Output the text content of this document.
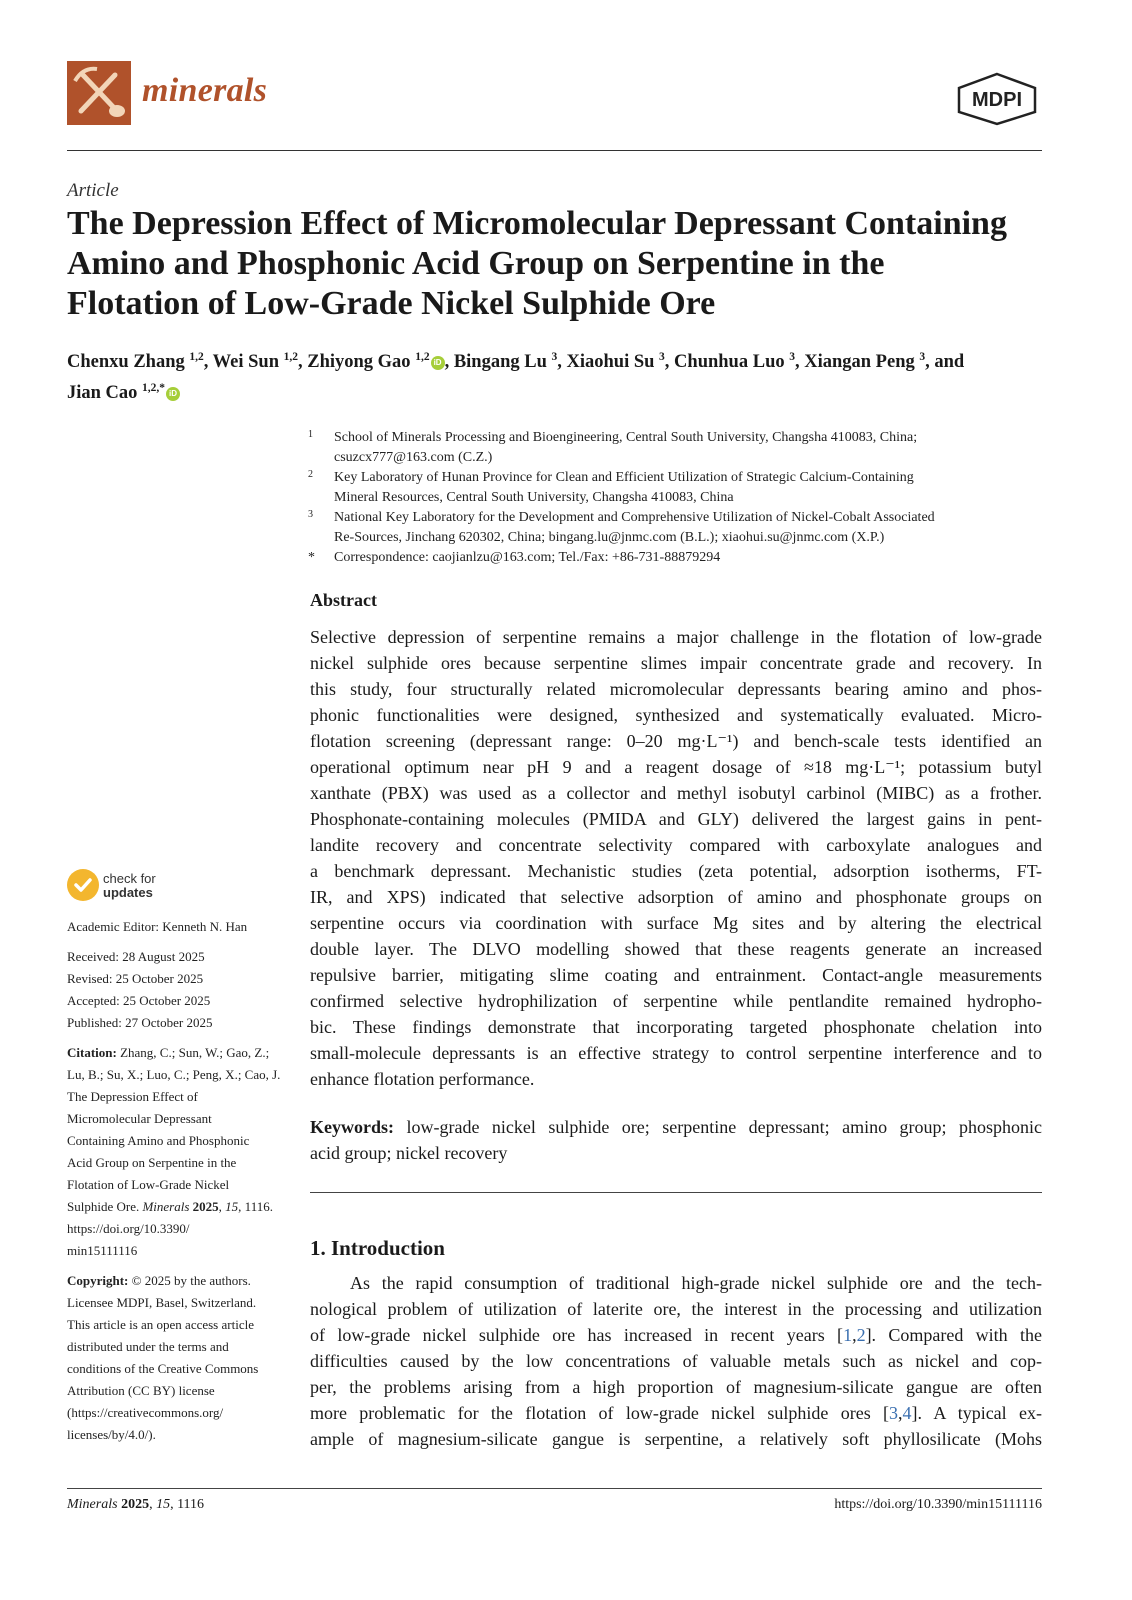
minerals	MDPI
Article
The Depression Effect of Micromolecular Depressant Containing
Amino and Phosphonic Acid Group on Serpentine in the
Flotation of Low-Grade Nickel Sulphide Ore
Chenxu Zhang $^{1,2}$, Wei Sun $^{1,2}$, Zhiyong Gao $^{1,2}$ iD , Bingang Lu $^3$, Xiaohui Su $^3$, Chunhua Luo $^3$, Xiangan Peng $^3$, and
Jian Cao $^{1,2,*}$ iD
1 School of Minerals Processing and Bioengineering, Central South University, Changsha 410083, China;
csuzcx777@163.com (C.Z.)
2 Key Laboratory of Hunan Province for Clean and Efficient Utilization of Strategic Calcium-Containing
Mineral Resources, Central South University, Changsha 410083, China
3 National Key Laboratory for the Development and Comprehensive Utilization of Nickel-Cobalt Associated
Re-Sources, Jinchang 620302, China; bingang.lu@jnmc.com (B.L.); xiaohui.su@jnmc.com (X.P.)
* Correspondence: caojianlzu@163.com; Tel./Fax: +86-731-88879294
Abstract
Selective depression of serpentine remains a major challenge in the flotation of low-grade
nickel sulphide ores because serpentine slimes impair concentrate grade and recovery. In
this study, four structurally related micromolecular depressants bearing amino and phos-
phonic functionalities were designed, synthesized and systematically evaluated. Micro-
flotation screening (depressant range: 0–20 mg·L⁻¹) and bench-scale tests identified an
operational optimum near pH 9 and a reagent dosage of ≈18 mg·L⁻¹; potassium butyl
xanthate (PBX) was used as a collector and methyl isobutyl carbinol (MIBC) as a frother.
Phosphonate-containing molecules (PMIDA and GLY) delivered the largest gains in pent-
landite recovery and concentrate selectivity compared with carboxylate analogues and
a benchmark depressant. Mechanistic studies (zeta potential, adsorption isotherms, FT-
IR, and XPS) indicated that selective adsorption of amino and phosphonate groups on
serpentine occurs via coordination with surface Mg sites and by altering the electrical
double layer. The DLVO modelling showed that these reagents generate an increased
repulsive barrier, mitigating slime coating and entrainment. Contact-angle measurements
confirmed selective hydrophilization of serpentine while pentlandite remained hydropho-
bic. These findings demonstrate that incorporating targeted phosphonate chelation into
small-molecule depressants is an effective strategy to control serpentine interference and to
enhance flotation performance.
Keywords: low-grade nickel sulphide ore; serpentine depressant; amino group; phosphonic
acid group; nickel recovery
1. Introduction
As the rapid consumption of traditional high-grade nickel sulphide ore and the tech-
nological problem of utilization of laterite ore, the interest in the processing and utilization
of low-grade nickel sulphide ore has increased in recent years [1,2]. Compared with the
difficulties caused by the low concentrations of valuable metals such as nickel and cop-
per, the problems arising from a high proportion of magnesium-silicate gangue are often
more problematic for the flotation of low-grade nickel sulphide ores [3,4]. A typical ex-
ample of magnesium-silicate gangue is serpentine, a relatively soft phyllosilicate (Mohs
check for
updates
Academic Editor: Kenneth N. Han
Received: 28 August 2025
Revised: 25 October 2025
Accepted: 25 October 2025
Published: 27 October 2025
Citation: Zhang, C.; Sun, W.; Gao, Z.;
Lu, B.; Su, X.; Luo, C.; Peng, X.; Cao, J.
The Depression Effect of
Micromolecular Depressant
Containing Amino and Phosphonic
Acid Group on Serpentine in the
Flotation of Low-Grade Nickel
Sulphide Ore. Minerals 2025, 15, 1116.
https://doi.org/10.3390/
min15111116
Copyright: © 2025 by the authors.
Licensee MDPI, Basel, Switzerland.
This article is an open access article
distributed under the terms and
conditions of the Creative Commons
Attribution (CC BY) license
(https://creativecommons.org/
licenses/by/4.0/).
Minerals 2025, 15, 1116	https://doi.org/10.3390/min15111116
